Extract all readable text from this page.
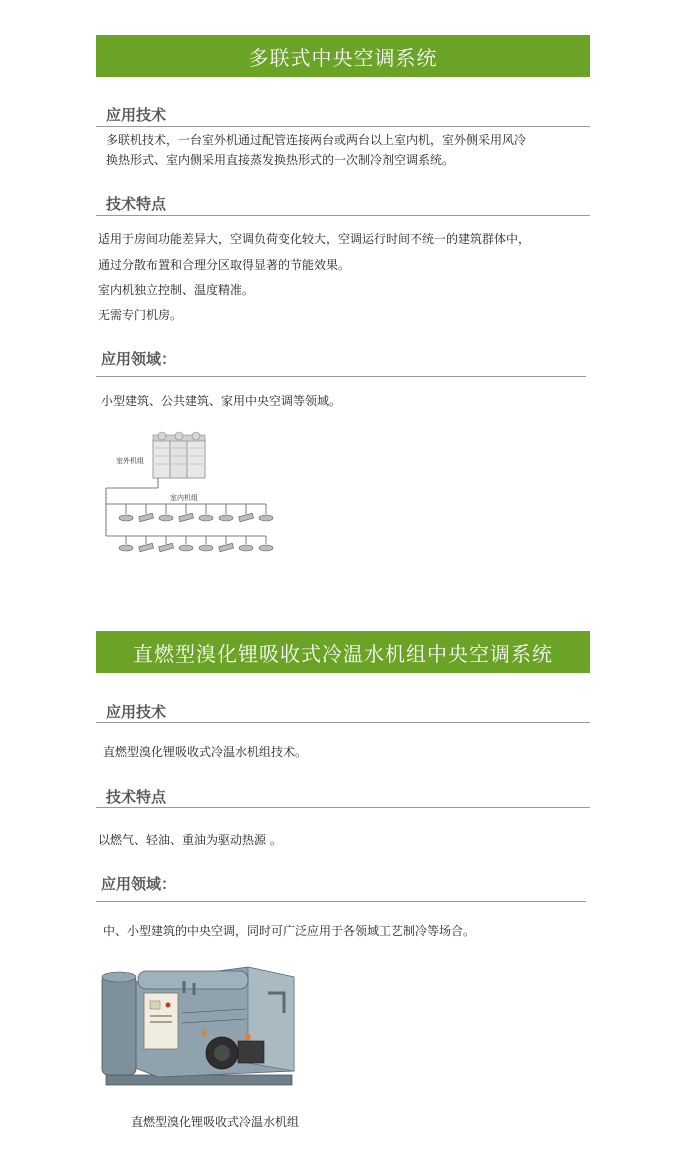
多联式中央空调系统
应用技术
多联机技术，一台室外机通过配管连接两台或两台以上室内机，室外侧采用风冷
换热形式、室内侧采用直接蒸发换热形式的一次制冷剂空调系统。
技术特点
适用于房间功能差异大，空调负荷变化较大，空调运行时间不统一的建筑群体中，
通过分散布置和合理分区取得显著的节能效果。
室内机独立控制、温度精准。
无需专门机房。
应用领域：
小型建筑、公共建筑、家用中央空调等领域。
室外机组
室内机组
直燃型溴化锂吸收式冷温水机组中央空调系统
应用技术
直燃型溴化锂吸收式冷温水机组技术。
技术特点
以燃气、轻油、重油为驱动热源 。
应用领域：
中、小型建筑的中央空调，同时可广泛应用于各领域工艺制冷等场合。
直燃型溴化锂吸收式冷温水机组
